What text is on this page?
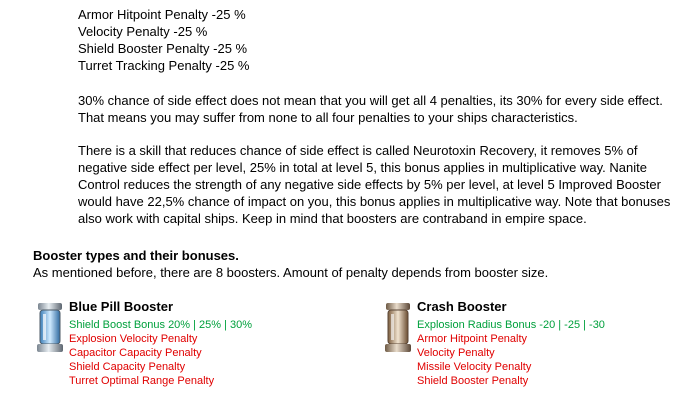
Armor Hitpoint Penalty -25 %
Velocity Penalty -25 %
Shield Booster Penalty -25 %
Turret Tracking Penalty -25 %
30% chance of side effect does not mean that you will get all 4 penalties, its 30% for every side effect. That means you may suffer from none to all four penalties to your ships characteristics.
There is a skill that reduces chance of side effect is called Neurotoxin Recovery, it removes 5% of negative side effect per level, 25% in total at level 5, this bonus applies in multiplicative way. Nanite Control reduces the strength of any negative side effects by 5% per level, at level 5 Improved Booster would have 22,5% chance of impact on you, this bonus applies in multiplicative way. Note that bonuses also work with capital ships. Keep in mind that boosters are contraband in empire space.
Booster types and their bonuses.
As mentioned before, there are 8 boosters. Amount of penalty depends from booster size.
Blue Pill Booster
Shield Boost Bonus 20% | 25% | 30%
Explosion Velocity Penalty
Capacitor Capacity Penalty
Shield Capacity Penalty
Turret Optimal Range Penalty
Crash Booster
Explosion Radius Bonus -20 | -25 | -30
Armor Hitpoint Penalty
Velocity Penalty
Missile Velocity Penalty
Shield Booster Penalty
